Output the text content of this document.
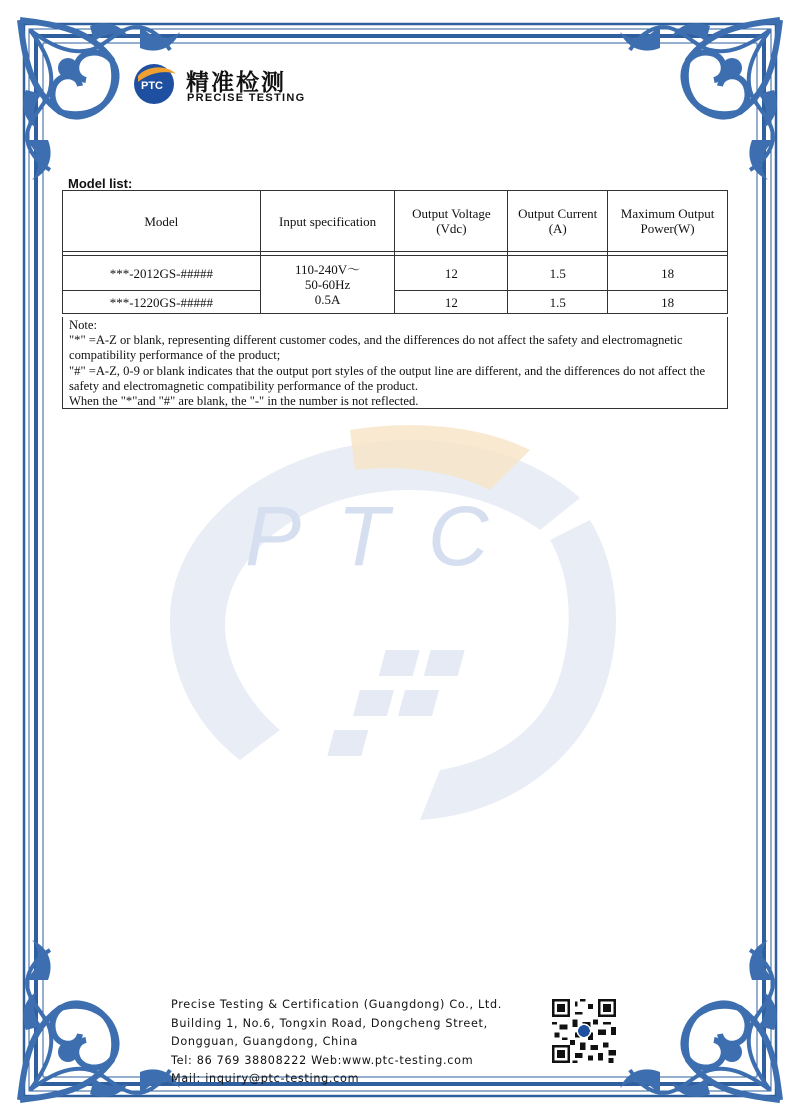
P T C
PTC 精准检测
PRECISE TESTING
Model list:
Model	Input specification	Output Voltage (Vdc)	Output Current (A)	Maximum Output Power(W)

***-2012GS-#####	110-240V～
50-60Hz
0.5A	12	1.5	18
***-1220GS-#####		12	1.5	18
Note:
"*" =A-Z or blank, representing different customer codes, and the differences do not affect the safety and electromagnetic compatibility performance of the product;
"#" =A-Z, 0-9 or blank indicates that the output port styles of the output line are different, and the differences do not affect the safety and electromagnetic compatibility performance of the product.
When the "*"and "#" are blank, the "-" in the number is not reflected.
Precise Testing & Certification (Guangdong) Co., Ltd.
Building 1, No.6, Tongxin Road, Dongcheng Street,
Dongguan, Guangdong, China
Tel: 86 769 38808222 Web:www.ptc-testing.com
Mail: inquiry@ptc-testing.com
